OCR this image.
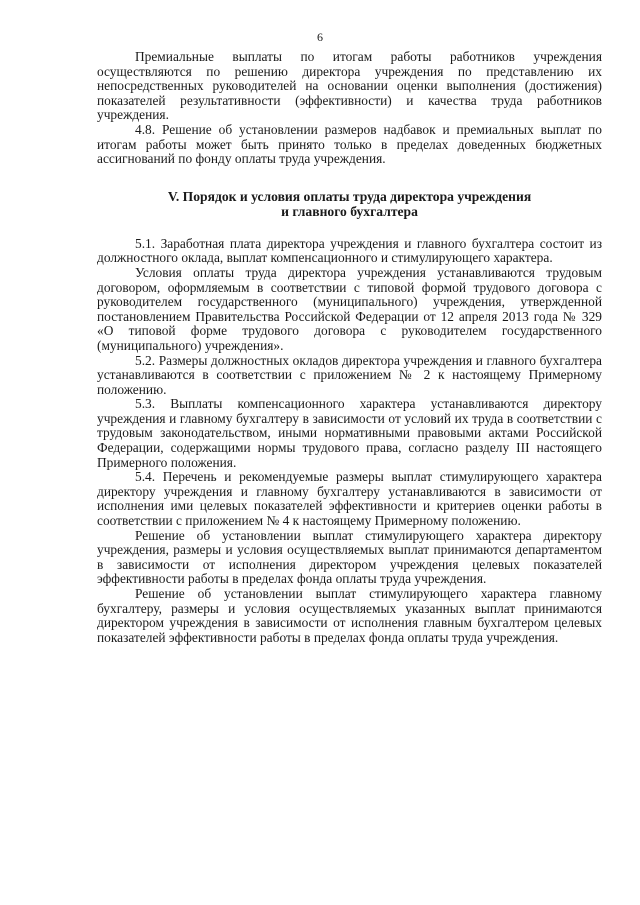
6

Премиальные выплаты по итогам работы работников учреждения осуществляются по решению директора учреждения по представлению их непосредственных руководителей на основании оценки выполнения (достижения) показателей результативности (эффективности) и качества труда работников учреждения.

4.8. Решение об установлении размеров надбавок и премиальных выплат по итогам работы может быть принято только в пределах доведенных бюджетных ассигнований по фонду оплаты труда учреждения.

V. Порядок и условия оплаты труда директора учреждения
и главного бухгалтера

5.1. Заработная плата директора учреждения и главного бухгалтера состоит из должностного оклада, выплат компенсационного и стимулирующего характера.

Условия оплаты труда директора учреждения устанавливаются трудовым договором, оформляемым в соответствии с типовой формой трудового договора с руководителем государственного (муниципального) учреждения, утвержденной постановлением Правительства Российской Федерации от 12 апреля 2013 года № 329 «О типовой форме трудового договора с руководителем государственного (муниципального) учреждения».

5.2. Размеры должностных окладов директора учреждения и главного бухгалтера устанавливаются в соответствии с приложением № 2 к настоящему Примерному положению.

5.3. Выплаты компенсационного характера устанавливаются директору учреждения и главному бухгалтеру в зависимости от условий их труда в соответствии с трудовым законодательством, иными нормативными правовыми актами Российской Федерации, содержащими нормы трудового права, согласно разделу III настоящего Примерного положения.

5.4. Перечень и рекомендуемые размеры выплат стимулирующего характера директору учреждения и главному бухгалтеру устанавливаются в зависимости от исполнения ими целевых показателей эффективности и критериев оценки работы в соответствии с приложением № 4 к настоящему Примерному положению.

Решение об установлении выплат стимулирующего характера директору учреждения, размеры и условия осуществляемых выплат принимаются департаментом в зависимости от исполнения директором учреждения целевых показателей эффективности работы в пределах фонда оплаты труда учреждения.

Решение об установлении выплат стимулирующего характера главному бухгалтеру, размеры и условия осуществляемых указанных выплат принимаются директором учреждения в зависимости от исполнения главным бухгалтером целевых показателей эффективности работы в пределах фонда оплаты труда учреждения.
